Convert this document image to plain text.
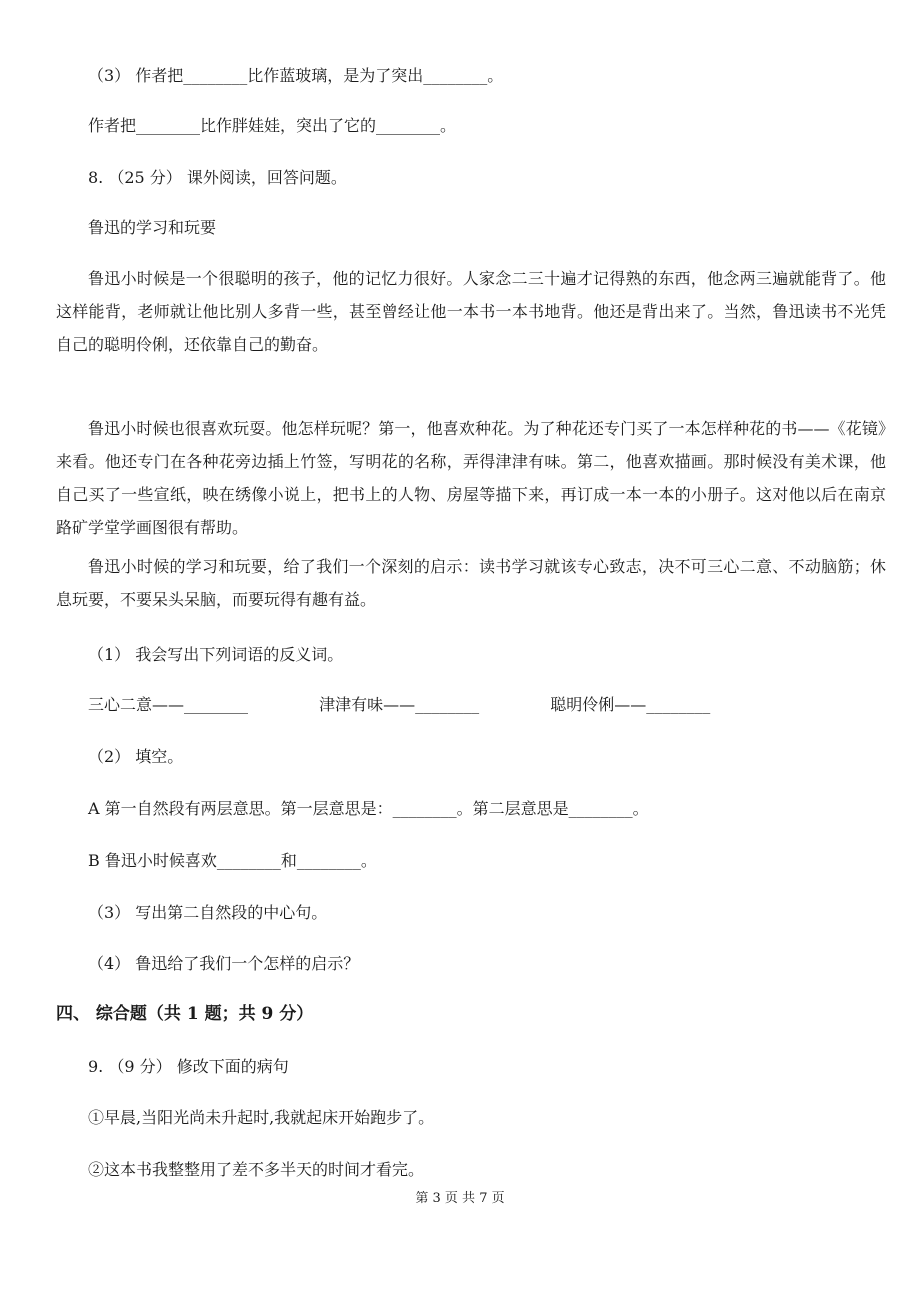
（3） 作者把________比作蓝玻璃，是为了突出________。
作者把________比作胖娃娃，突出了它的________。
8. （25 分） 课外阅读，回答问题。
鲁迅的学习和玩要
鲁迅小时候是一个很聪明的孩子，他的记忆力很好。人家念二三十遍才记得熟的东西，他念两三遍就能背了。他这样能背，老师就让他比别人多背一些，甚至曾经让他一本书一本书地背。他还是背出来了。当然，鲁迅读书不光凭自己的聪明伶俐，还依靠自己的勤奋。
鲁迅小时候也很喜欢玩耍。他怎样玩呢？第一，他喜欢种花。为了种花还专门买了一本怎样种花的书——《花镜》来看。他还专门在各种花旁边插上竹签，写明花的名称，弄得津津有味。第二，他喜欢描画。那时候没有美术课，他自己买了一些宣纸，映在绣像小说上，把书上的人物、房屋等描下来，再订成一本一本的小册子。这对他以后在南京路矿学堂学画图很有帮助。
鲁迅小时候的学习和玩要，给了我们一个深刻的启示：读书学习就该专心致志，决不可三心二意、不动脑筋；休息玩要，不要呆头呆脑，而要玩得有趣有益。
（1） 我会写出下列词语的反义词。
三心二意——________	津津有味——________	聪明伶俐——________
（2） 填空。
A 第一自然段有两层意思。第一层意思是：________。第二层意思是________。
B 鲁迅小时候喜欢________和________。
（3） 写出第二自然段的中心句。
（4） 鲁迅给了我们一个怎样的启示？
四、 综合题（共 1 题；共 9 分）
9. （9 分） 修改下面的病句
①早晨,当阳光尚未升起时,我就起床开始跑步了。
②这本书我整整用了差不多半天的时间才看完。
第 3 页 共 7 页
